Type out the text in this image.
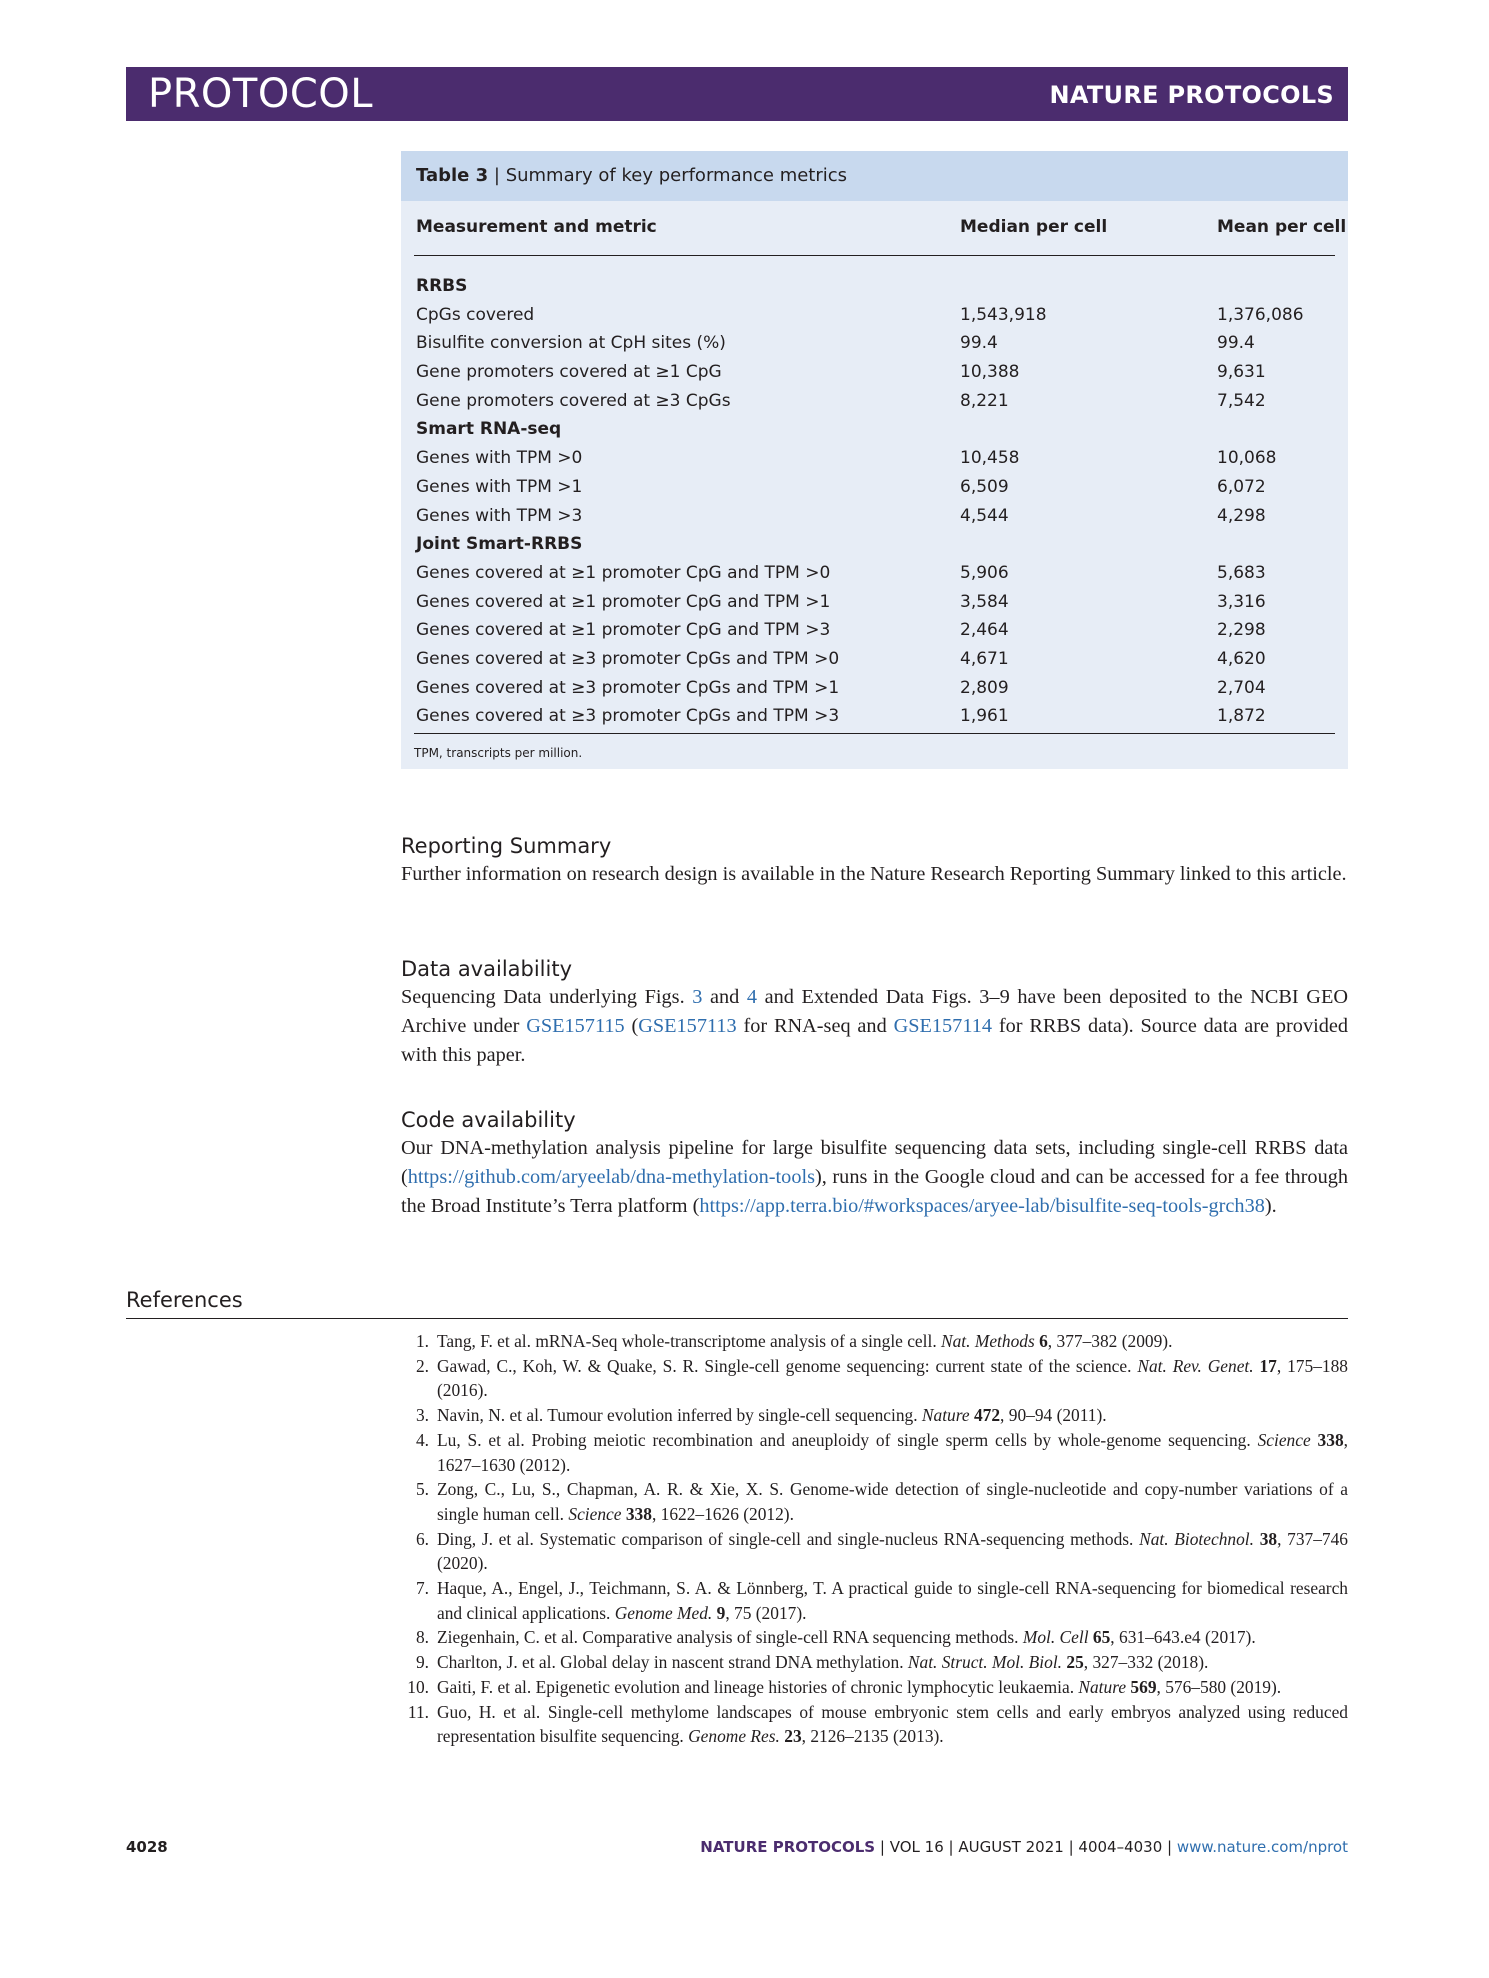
PROTOCOL	NATURE PROTOCOLS
Table 3 | Summary of key performance metrics
Measurement and metric	Median per cell	Mean per cell
RRBS
CpGs covered	1,543,918	1,376,086
Bisulfite conversion at CpH sites (%)	99.4	99.4
Gene promoters covered at ≥1 CpG	10,388	9,631
Gene promoters covered at ≥3 CpGs	8,221	7,542
Smart RNA-seq
Genes with TPM >0	10,458	10,068
Genes with TPM >1	6,509	6,072
Genes with TPM >3	4,544	4,298
Joint Smart-RRBS
Genes covered at ≥1 promoter CpG and TPM >0	5,906	5,683
Genes covered at ≥1 promoter CpG and TPM >1	3,584	3,316
Genes covered at ≥1 promoter CpG and TPM >3	2,464	2,298
Genes covered at ≥3 promoter CpGs and TPM >0	4,671	4,620
Genes covered at ≥3 promoter CpGs and TPM >1	2,809	2,704
Genes covered at ≥3 promoter CpGs and TPM >3	1,961	1,872
TPM, transcripts per million.
Reporting Summary

Further information on research design is available in the Nature Research Reporting Summary linked to this article.

Data availability

Sequencing Data underlying Figs. 3 and 4 and Extended Data Figs. 3–9 have been deposited to the NCBI GEO Archive under GSE157115 (GSE157113 for RNA-seq and GSE157114 for RRBS data). Source data are provided with this paper.

Code availability

Our DNA-methylation analysis pipeline for large bisulfite sequencing data sets, including single-cell RRBS data (https://github.com/aryeelab/dna-methylation-tools), runs in the Google cloud and can be accessed for a fee through the Broad Institute’s Terra platform (https://app.terra.bio/#workspaces/aryee-lab/bisulfite-seq-tools-grch38).

References
1. Tang, F. et al. mRNA-Seq whole-transcriptome analysis of a single cell. Nat. Methods 6, 377–382 (2009).
2. Gawad, C., Koh, W. & Quake, S. R. Single-cell genome sequencing: current state of the science. Nat. Rev. Genet. 17, 175–188 (2016).
3. Navin, N. et al. Tumour evolution inferred by single-cell sequencing. Nature 472, 90–94 (2011).
4. Lu, S. et al. Probing meiotic recombination and aneuploidy of single sperm cells by whole-genome sequencing. Science 338, 1627–1630 (2012).
5. Zong, C., Lu, S., Chapman, A. R. & Xie, X. S. Genome-wide detection of single-nucleotide and copy-number variations of a single human cell. Science 338, 1622–1626 (2012).
6. Ding, J. et al. Systematic comparison of single-cell and single-nucleus RNA-sequencing methods. Nat. Biotechnol. 38, 737–746 (2020).
7. Haque, A., Engel, J., Teichmann, S. A. & Lönnberg, T. A practical guide to single-cell RNA-sequencing for biomedical research and clinical applications. Genome Med. 9, 75 (2017).
8. Ziegenhain, C. et al. Comparative analysis of single-cell RNA sequencing methods. Mol. Cell 65, 631–643.e4 (2017).
9. Charlton, J. et al. Global delay in nascent strand DNA methylation. Nat. Struct. Mol. Biol. 25, 327–332 (2018).
10. Gaiti, F. et al. Epigenetic evolution and lineage histories of chronic lymphocytic leukaemia. Nature 569, 576–580 (2019).
11. Guo, H. et al. Single-cell methylome landscapes of mouse embryonic stem cells and early embryos analyzed using reduced representation bisulfite sequencing. Genome Res. 23, 2126–2135 (2013).
4028	NATURE PROTOCOLS | VOL 16 | AUGUST 2021 | 4004–4030 | www.nature.com/nprot
